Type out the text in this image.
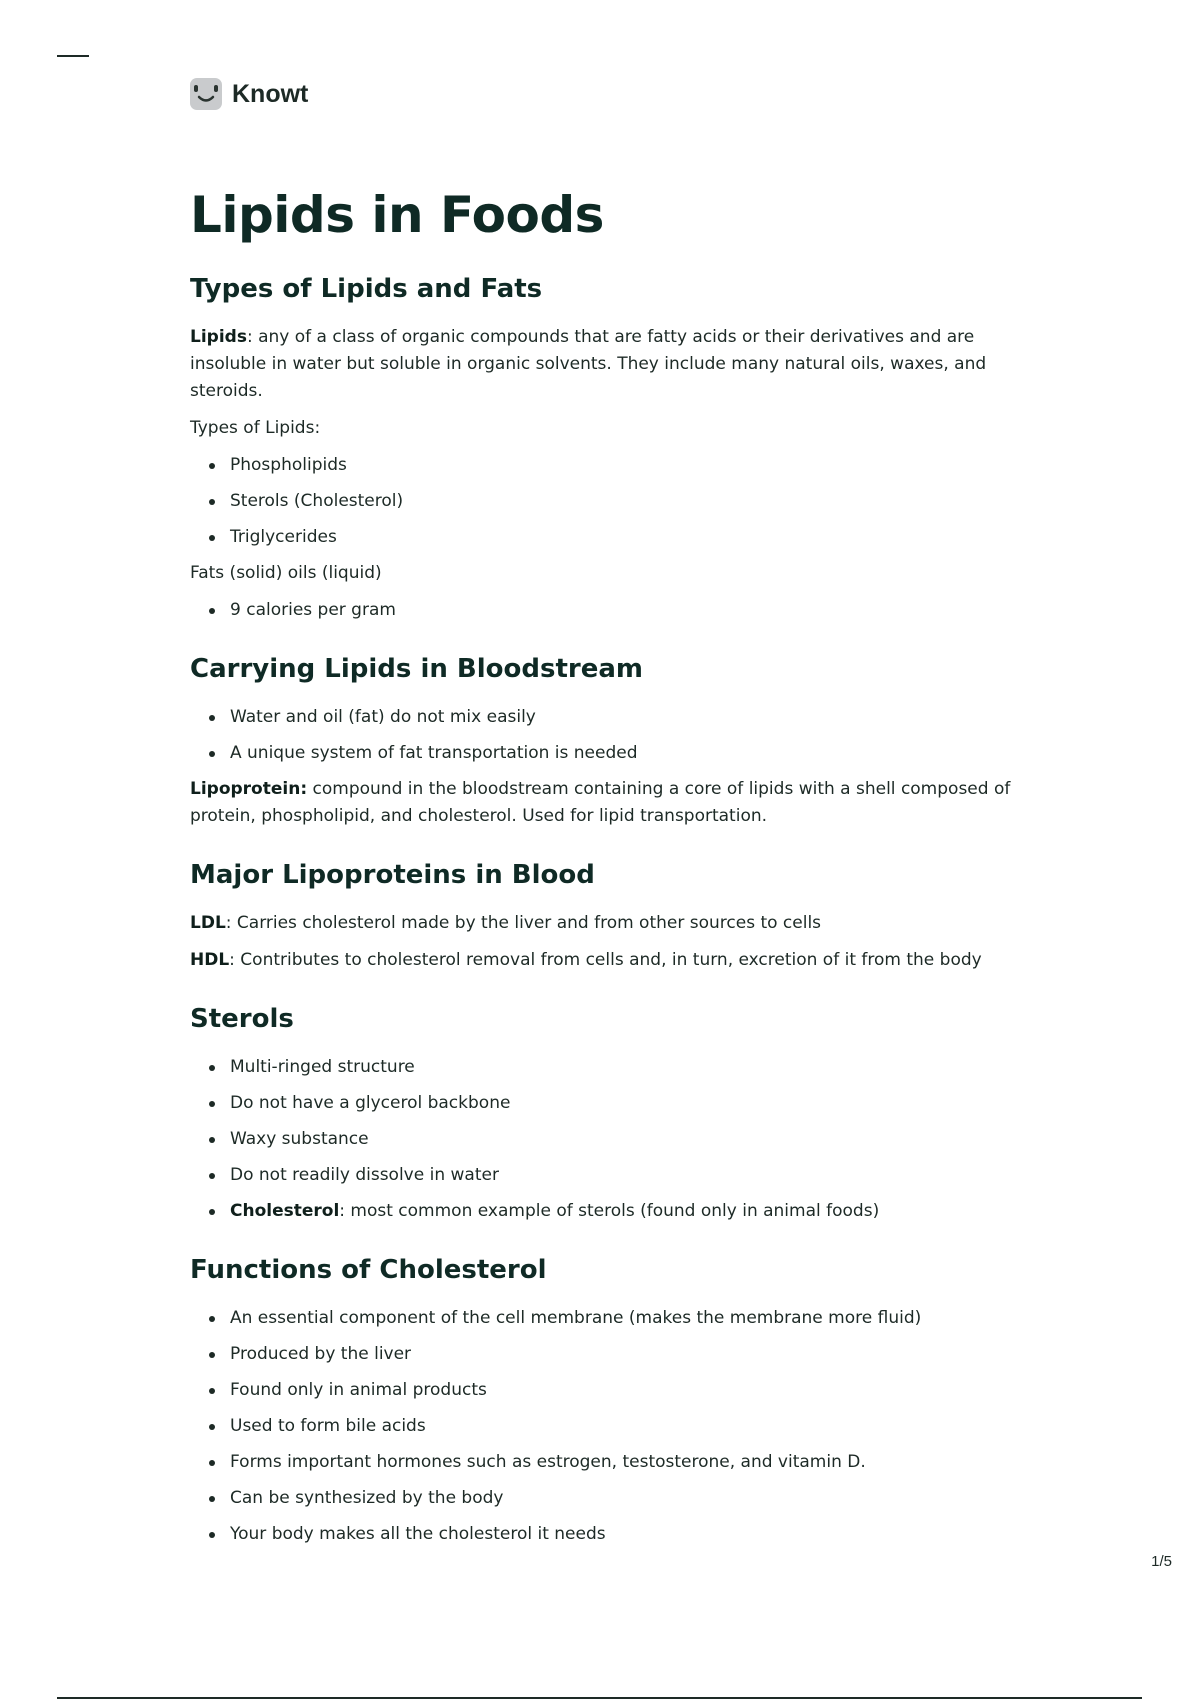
Knowt
Lipids in Foods
Types of Lipids and Fats

Lipids: any of a class of organic compounds that are fatty acids or their derivatives and are insoluble in water but soluble in organic solvents. They include many natural oils, waxes, and steroids.

Types of Lipids:

Phospholipids
Sterols (Cholesterol)
Triglycerides

Fats (solid) oils (liquid)

9 calories per gram
Carrying Lipids in Bloodstream
Water and oil (fat) do not mix easily
A unique system of fat transportation is needed

Lipoprotein: compound in the bloodstream containing a core of lipids with a shell composed of protein, phospholipid, and cholesterol. Used for lipid transportation.

Major Lipoproteins in Blood

LDL: Carries cholesterol made by the liver and from other sources to cells

HDL: Contributes to cholesterol removal from cells and, in turn, excretion of it from the body

Sterols
Multi-ringed structure
Do not have a glycerol backbone
Waxy substance
Do not readily dissolve in water
Cholesterol: most common example of sterols (found only in animal foods)
Functions of Cholesterol
An essential component of the cell membrane (makes the membrane more fluid)
Produced by the liver
Found only in animal products
Used to form bile acids
Forms important hormones such as estrogen, testosterone, and vitamin D.
Can be synthesized by the body
Your body makes all the cholesterol it needs
1/5
